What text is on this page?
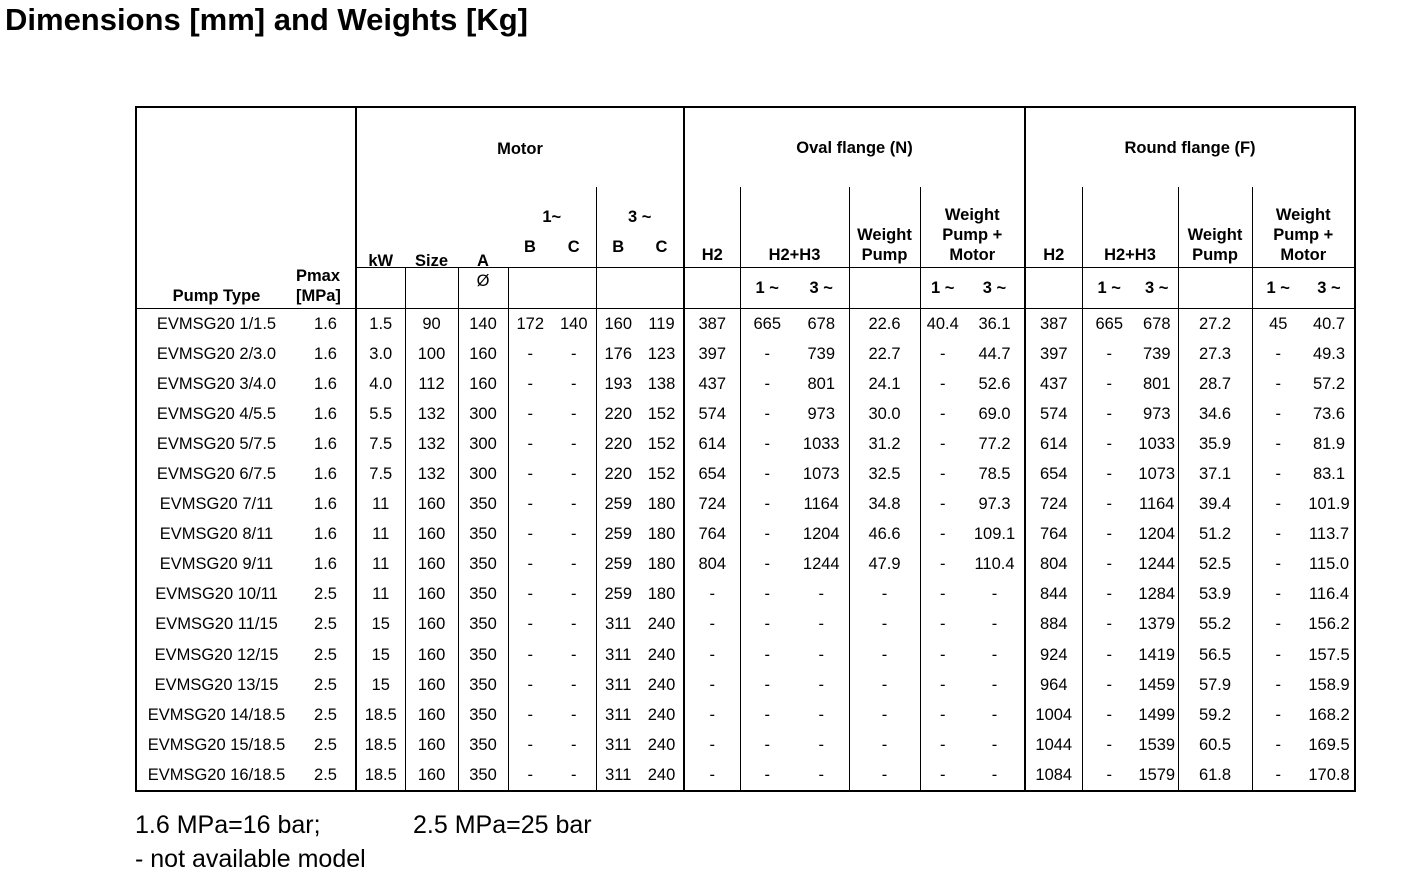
Dimensions [mm] and Weights [Kg]
Pump Type	Pmax
[MPa]	Motor							Oval flange (N)						Round flange (F)					
					1~		3 ~		H2	H2+H3		Weight Pump	Weight Pump + Motor		H2	H2+H3		Weight Pump	Weight Pump + Motor	
					B	C	B	C												
		kW	Size	A
Ø						1 ~	3 ~		1 ~	3 ~		1 ~	3 ~		1 ~	3 ~
EVMSG20 1/1.5	1.6	1.5	90	140	172	140	160	119	387	665	678	22.6	40.4	36.1	387	665	678	27.2	45	40.7
EVMSG20 2/3.0	1.6	3.0	100	160	-	-	176	123	397	-	739	22.7	-	44.7	397	-	739	27.3	-	49.3
EVMSG20 3/4.0	1.6	4.0	112	160	-	-	193	138	437	-	801	24.1	-	52.6	437	-	801	28.7	-	57.2
EVMSG20 4/5.5	1.6	5.5	132	300	-	-	220	152	574	-	973	30.0	-	69.0	574	-	973	34.6	-	73.6
EVMSG20 5/7.5	1.6	7.5	132	300	-	-	220	152	614	-	1033	31.2	-	77.2	614	-	1033	35.9	-	81.9
EVMSG20 6/7.5	1.6	7.5	132	300	-	-	220	152	654	-	1073	32.5	-	78.5	654	-	1073	37.1	-	83.1
EVMSG20 7/11	1.6	11	160	350	-	-	259	180	724	-	1164	34.8	-	97.3	724	-	1164	39.4	-	101.9
EVMSG20 8/11	1.6	11	160	350	-	-	259	180	764	-	1204	46.6	-	109.1	764	-	1204	51.2	-	113.7
EVMSG20 9/11	1.6	11	160	350	-	-	259	180	804	-	1244	47.9	-	110.4	804	-	1244	52.5	-	115.0
EVMSG20 10/11	2.5	11	160	350	-	-	259	180	-	-	-	-	-	-	844	-	1284	53.9	-	116.4
EVMSG20 11/15	2.5	15	160	350	-	-	311	240	-	-	-	-	-	-	884	-	1379	55.2	-	156.2
EVMSG20 12/15	2.5	15	160	350	-	-	311	240	-	-	-	-	-	-	924	-	1419	56.5	-	157.5
EVMSG20 13/15	2.5	15	160	350	-	-	311	240	-	-	-	-	-	-	964	-	1459	57.9	-	158.9
EVMSG20 14/18.5	2.5	18.5	160	350	-	-	311	240	-	-	-	-	-	-	1004	-	1499	59.2	-	168.2
EVMSG20 15/18.5	2.5	18.5	160	350	-	-	311	240	-	-	-	-	-	-	1044	-	1539	60.5	-	169.5
EVMSG20 16/18.5	2.5	18.5	160	350	-	-	311	240	-	-	-	-	-	-	1084	-	1579	61.8	-	170.8
1.6 MPa=16 bar;	2.5 MPa=25 bar
- not available model
